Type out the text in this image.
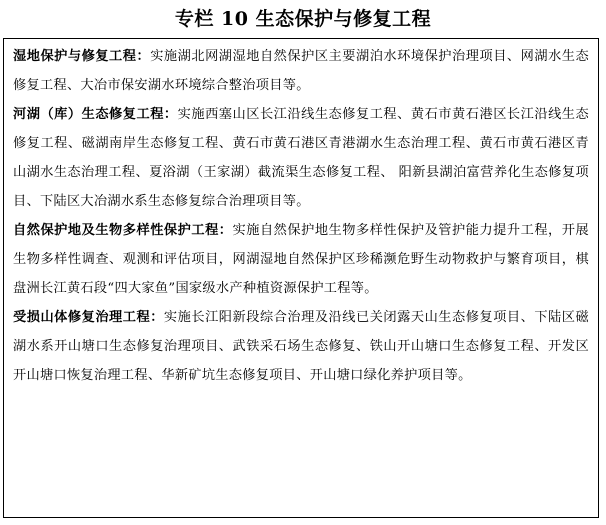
专栏 10 生态保护与修复工程

湿地保护与修复工程：实施湖北网湖湿地自然保护区主要湖泊水环境保护治理项目、网湖水生态修复工程、大冶市保安湖水环境综合整治项目等。

河湖（库）生态修复工程：实施西塞山区长江沿线生态修复工程、黄石市黄石港区长江沿线生态修复工程、磁湖南岸生态修复工程、黄石市黄石港区青港湖水生态治理工程、黄石市黄石港区青山湖水生态治理工程、夏浴湖（王家湖）截流渠生态修复工程、 阳新县湖泊富营养化生态修复项目、下陆区大冶湖水系生态修复综合治理项目等。

自然保护地及生物多样性保护工程：实施自然保护地生物多样性保护及管护能力提升工程，开展生物多样性调查、观测和评估项目，网湖湿地自然保护区珍稀濒危野生动物救护与繁育项目，棋盘洲长江黄石段“四大家鱼”国家级水产种植资源保护工程等。

受损山体修复治理工程：实施长江阳新段综合治理及沿线已关闭露天山生态修复项目、下陆区磁湖水系开山塘口生态修复治理项目、武铁采石场生态修复、铁山开山塘口生态修复工程、开发区开山塘口恢复治理工程、华新矿坑生态修复项目、开山塘口绿化养护项目等。
